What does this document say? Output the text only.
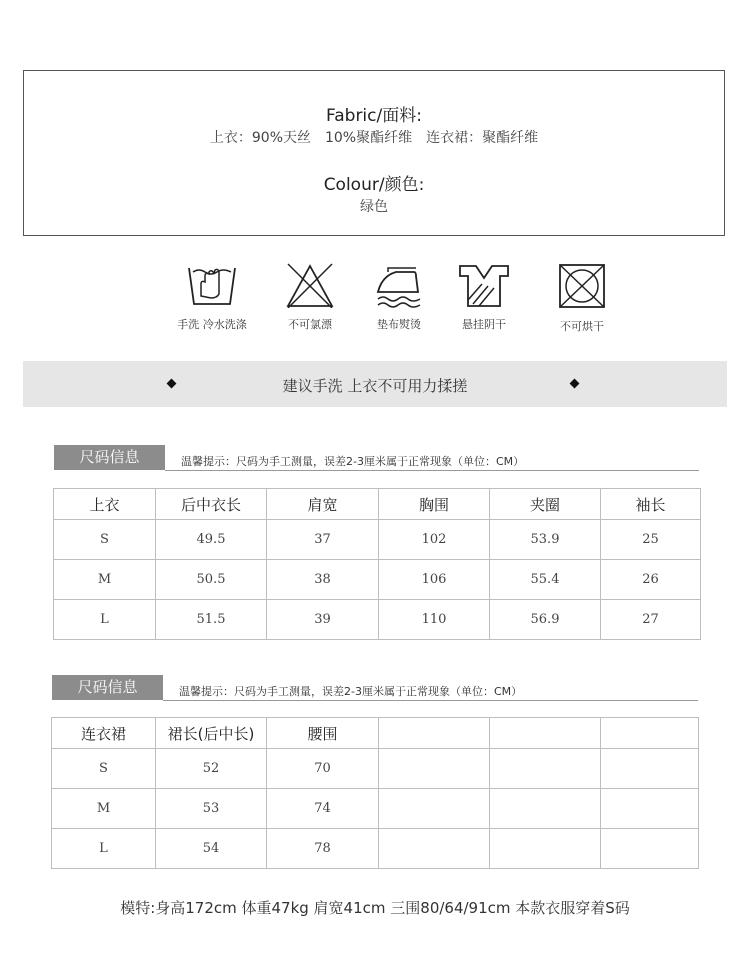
Fabric/面料:
上衣：90%天丝　10%聚酯纤维　连衣裙：聚酯纤维
Colour/颜色:
绿色
手洗 冷水洗涤	不可氯漂	垫布熨烫	悬挂阴干	不可烘干
建议手洗 上衣不可用力揉搓
尺码信息	温馨提示：尺码为手工测量，误差2-3厘米属于正常现象（单位：CM）
上衣	后中衣长	肩宽	胸围	夹圈	袖长
S	49.5	37	102	53.9	25
M	50.5	38	106	55.4	26
L	51.5	39	110	56.9	27
尺码信息	温馨提示：尺码为手工测量，误差2-3厘米属于正常现象（单位：CM）
连衣裙	裙长(后中长)	腰围			
S	52	70			
M	53	74			
L	54	78			
模特:身高172cm 体重47kg 肩宽41cm 三围80/64/91cm 本款衣服穿着S码
